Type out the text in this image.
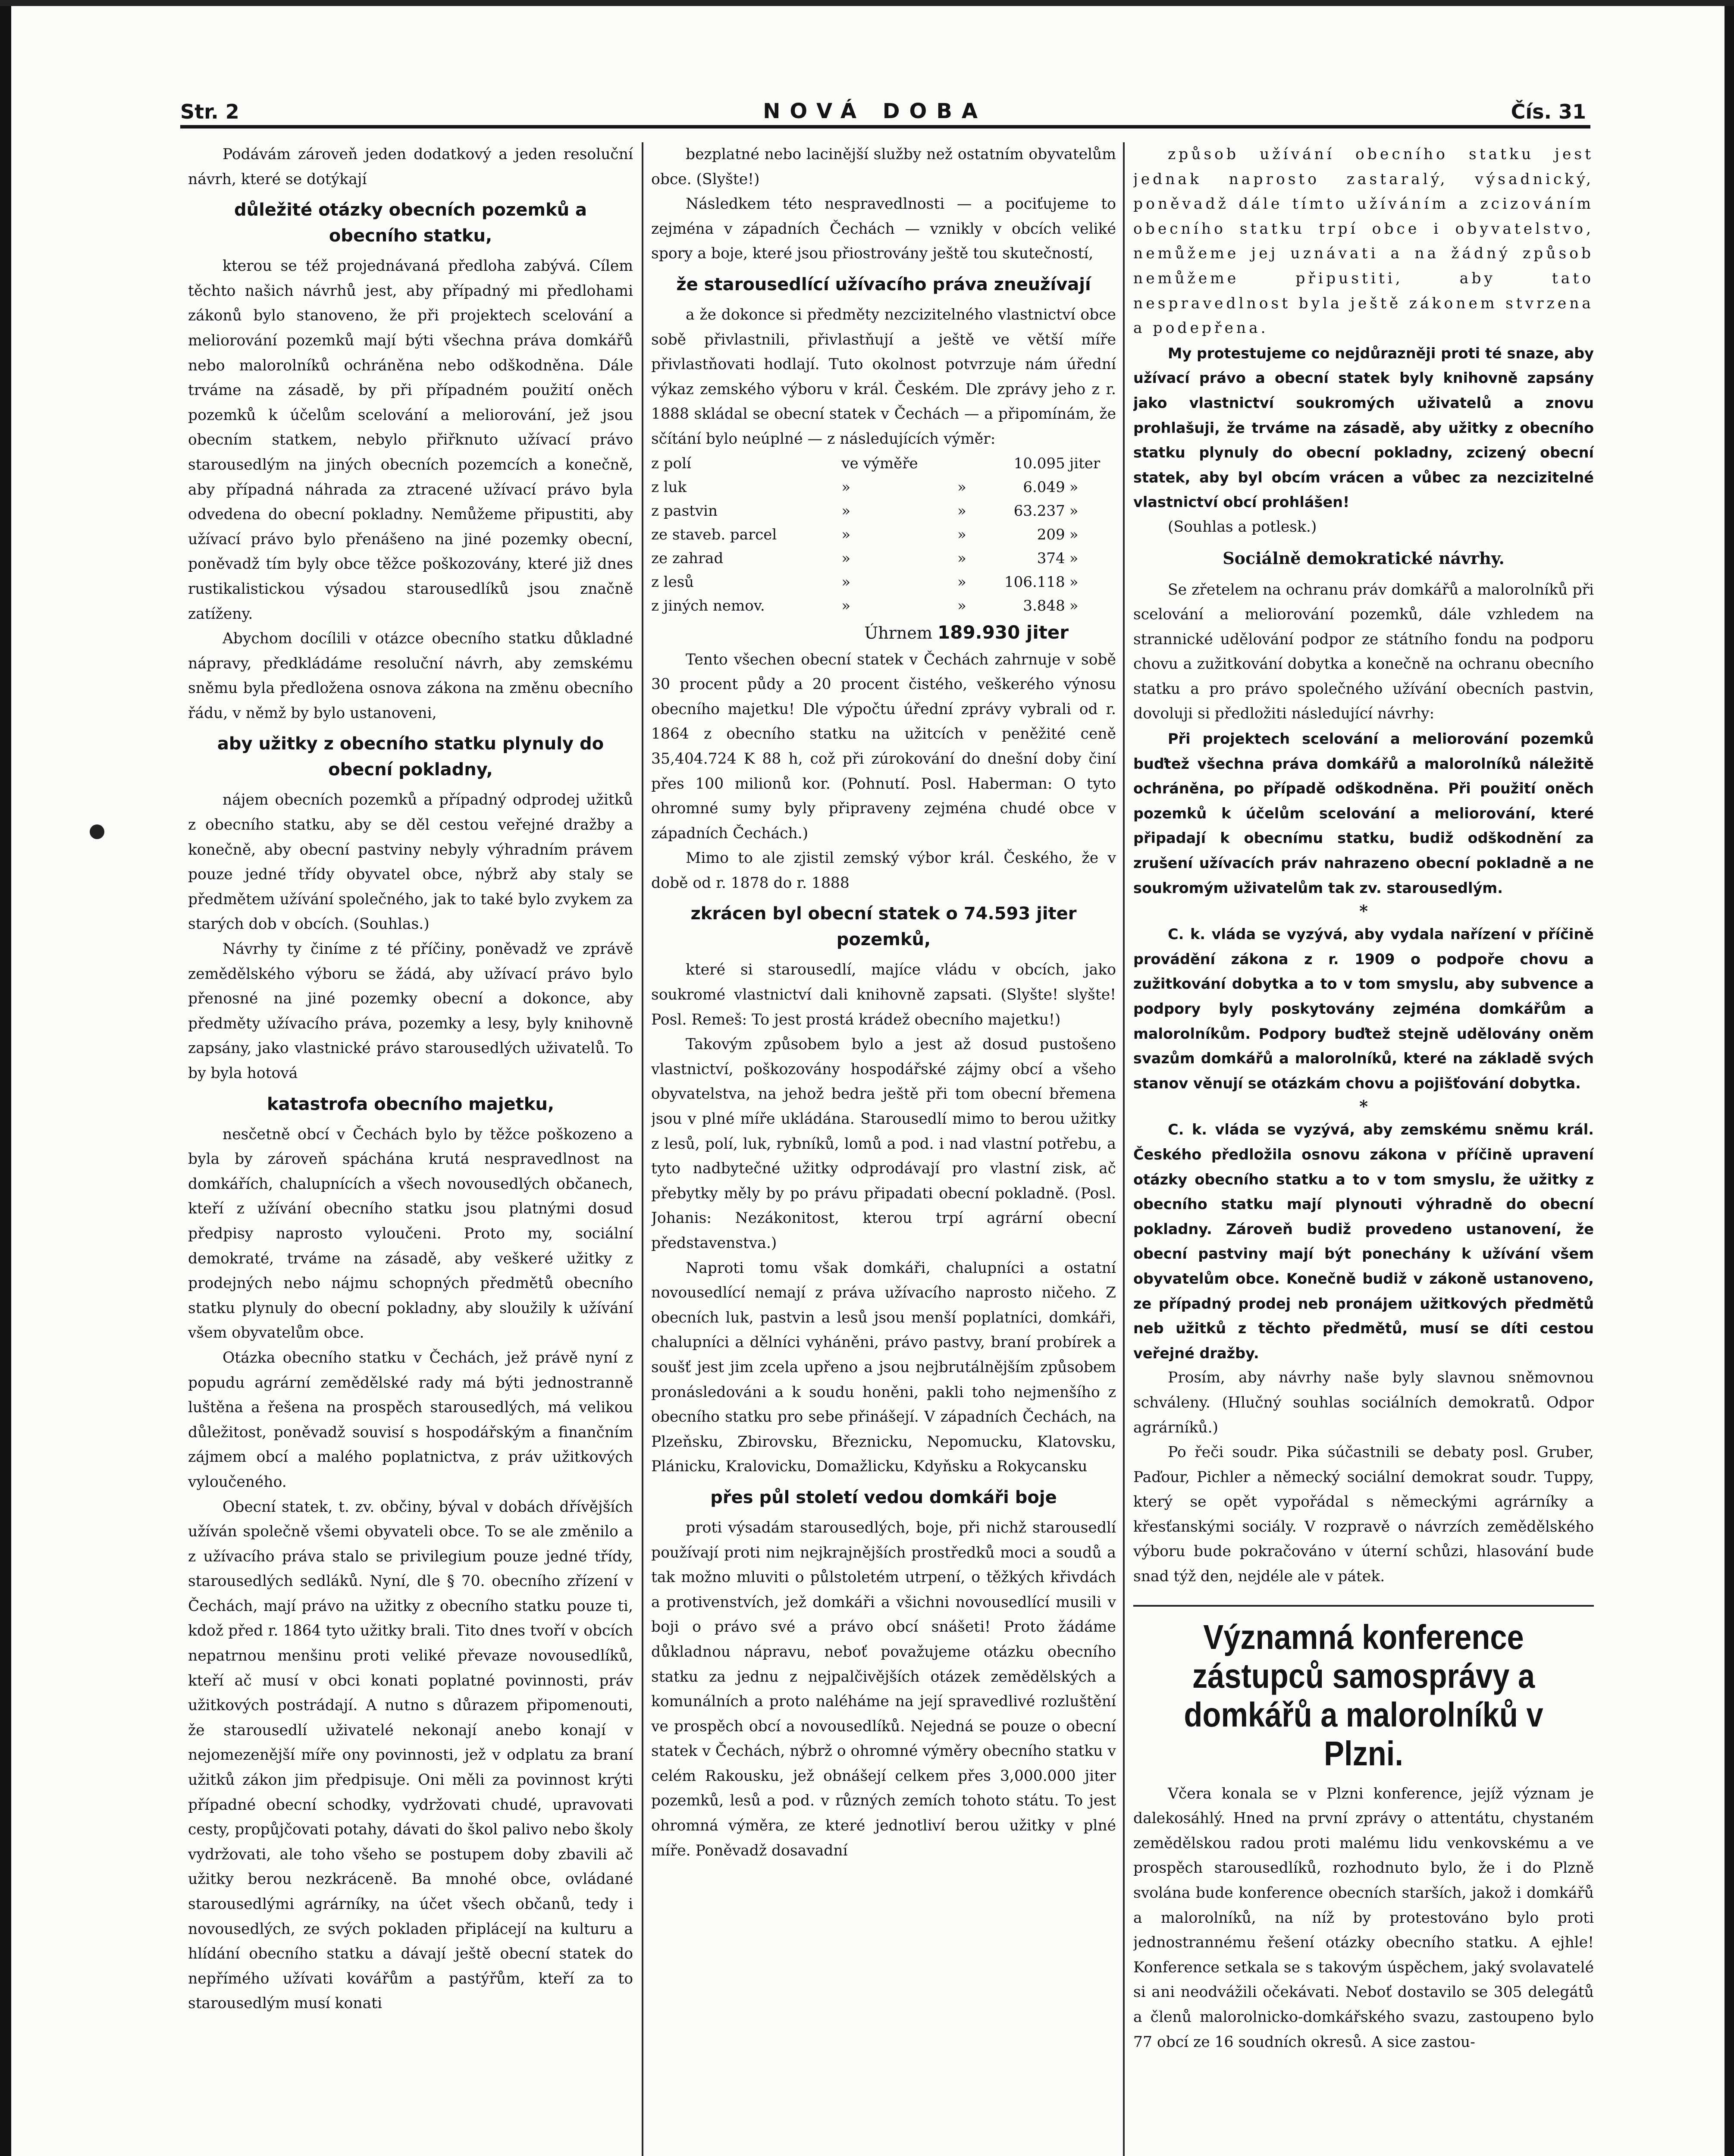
Str. 2	NOVÁ DOBA	Čís. 31

Podávám zároveň jeden dodatkový a jeden resoluční návrh, které se dotýkají

důležité otázky obecních pozemků a obecního statku,

kterou se též projednávaná předloha zabývá. Cílem těchto našich návrhů jest, aby případný mi předlohami zákonů bylo stanoveno, že při projektech scelování a meliorování pozemků mají býti všechna práva domkářů nebo malorolníků ochráněna nebo odškodněna. Dále trváme na zásadě, by při případném použití oněch pozemků k účelům scelování a meliorování, jež jsou obecním statkem, nebylo přiřknuto užívací právo starousedlým na jiných obecních pozemcích a konečně, aby případná náhrada za ztracené užívací právo byla odvedena do obecní pokladny. Nemůžeme připustiti, aby užívací právo bylo přenášeno na jiné pozemky obecní, poněvadž tím byly obce těžce poškozovány, které již dnes rustikalistickou výsadou starousedlíků jsou značně zatíženy.

Abychom docílili v otázce obecního statku důkladné nápravy, předkládáme resoluční návrh, aby zemskému sněmu byla předložena osnova zákona na změnu obecního řádu, v němž by bylo ustanoveni,

aby užitky z obecního statku plynuly do obecní pokladny,

nájem obecních pozemků a případný odprodej užitků z obecního statku, aby se děl cestou veřejné dražby a konečně, aby obecní pastviny nebyly výhradním právem pouze jedné třídy obyvatel obce, nýbrž aby staly se předmětem užívání společného, jak to také bylo zvykem za starých dob v obcích. (Souhlas.)

Návrhy ty činíme z té příčiny, poněvadž ve zprávě zemědělského výboru se žádá, aby užívací právo bylo přenosné na jiné pozemky obecní a dokonce, aby předměty užívacího práva, pozemky a lesy, byly knihovně zapsány, jako vlastnické právo starousedlých uživatelů. To by byla hotová

katastrofa obecního majetku,

nesčetně obcí v Čechách bylo by těžce poškozeno a byla by zároveň spáchána krutá nespravedlnost na domkářích, chalupnících a všech novousedlých občanech, kteří z užívání obecního statku jsou platnými dosud předpisy naprosto vyloučeni. Proto my, sociální demokraté, trváme na zásadě, aby veškeré užitky z prodejných nebo nájmu schopných předmětů obecního statku plynuly do obecní pokladny, aby sloužily k užívání všem obyvatelům obce.

Otázka obecního statku v Čechách, jež právě nyní z popudu agrární zemědělské rady má býti jednostranně luštěna a řešena na prospěch starousedlých, má velikou důležitost, poněvadž souvisí s hospodářským a finančním zájmem obcí a malého poplatnictva, z práv užitkových vyloučeného.

Obecní statek, t. zv. občiny, býval v dobách dřívějších užíván společně všemi obyvateli obce. To se ale změnilo a z užívacího práva stalo se privilegium pouze jedné třídy, starousedlých sedláků. Nyní, dle § 70. obecního zřízení v Čechách, mají právo na užitky z obecního statku pouze ti, kdož před r. 1864 tyto užitky brali. Tito dnes tvoří v obcích nepatrnou menšinu proti veliké převaze novousedlíků, kteří ač musí v obci konati poplatné povinnosti, práv užitkových postrádají. A nutno s důrazem připomenouti, že starousedlí uživatelé nekonají anebo konají v nejomezenější míře ony povinnosti, jež v odplatu za braní užitků zákon jim předpisuje. Oni měli za povinnost krýti případné obecní schodky, vydržovati chudé, upravovati cesty, propůjčovati potahy, dávati do škol palivo nebo školy vydržovati, ale toho všeho se postupem doby zbavili ač užitky berou nezkráceně. Ba mnohé obce, ovládané starousedlými agrárníky, na účet všech občanů, tedy i novousedlých, ze svých pokladen připlácejí na kulturu a hlídání obecního statku a dávají ještě obecní statek do nepřímého užívati kovářům a pastýřům, kteří za to starousedlým musí konati

bezplatné nebo lacinější služby než ostatním obyvatelům obce. (Slyšte!)

Následkem této nespravedlnosti — a pociťujeme to zejména v západních Čechách — vznikly v obcích veliké spory a boje, které jsou přiostrovány ještě tou skutečností,

že starousedlící užívacího práva zneužívají

a že dokonce si předměty nezcizitelného vlastnictví obce sobě přivlastnili, přivlastňují a ještě ve větší míře přivlastňovati hodlají. Tuto okolnost potvrzuje nám úřední výkaz zemského výboru v král. Českém. Dle zprávy jeho z r. 1888 skládal se obecní statek v Čechách — a připomínám, že sčítání bylo neúplné — z následujících výměr:

z polí	ve výměře		10.095	jiter
z luk	»	»	6.049	»
z pastvin	»	»	63.237	»
ze staveb. parcel	»	»	209	»
ze zahrad	»	»	374	»
z lesů	»	»	106.118	»
z jiných nemov.	»	»	3.848	»
Úhrnem 189.930 jiter

Tento všechen obecní statek v Čechách zahrnuje v sobě 30 procent půdy a 20 procent čistého, veškerého výnosu obecního majetku! Dle výpočtu úřední zprávy vybrali od r. 1864 z obecního statku na užitcích v peněžité ceně 35,404.724 K 88 h, což při zúrokování do dnešní doby činí přes 100 milionů kor. (Pohnutí. Posl. Haberman: O tyto ohromné sumy byly připraveny zejména chudé obce v západních Čechách.)

Mimo to ale zjistil zemský výbor král. Českého, že v době od r. 1878 do r. 1888

zkrácen byl obecní statek o 74.593 jiter pozemků,

které si starousedlí, majíce vládu v obcích, jako soukromé vlastnictví dali knihovně zapsati. (Slyšte! slyšte! Posl. Remeš: To jest prostá krádež obecního majetku!)

Takovým způsobem bylo a jest až dosud pustošeno vlastnictví, poškozovány hospodářské zájmy obcí a všeho obyvatelstva, na jehož bedra ještě při tom obecní břemena jsou v plné míře ukládána. Starousedlí mimo to berou užitky z lesů, polí, luk, rybníků, lomů a pod. i nad vlastní potřebu, a tyto nadbytečné užitky odprodávají pro vlastní zisk, ač přebytky měly by po právu připadati obecní pokladně. (Posl. Johanis: Nezákonitost, kterou trpí agrární obecní představenstva.)

Naproti tomu však domkáři, chalupníci a ostatní novousedlící nemají z práva užívacího naprosto ničeho. Z obecních luk, pastvin a lesů jsou menší poplatníci, domkáři, chalupníci a dělníci vyháněni, právo pastvy, braní probírek a soušť jest jim zcela upřeno a jsou nejbrutálnějším způsobem pronásledováni a k soudu honěni, pakli toho nejmenšího z obecního statku pro sebe přinášejí. V západních Čechách, na Plzeňsku, Zbirovsku, Březnicku, Nepomucku, Klatovsku, Plánicku, Kralovicku, Domažlicku, Kdyňsku a Rokycansku

přes půl století vedou domkáři boje

proti výsadám starousedlých, boje, při nichž starousedlí používají proti nim nejkrajnějších prostředků moci a soudů a tak možno mluviti o půlstoletém utrpení, o těžkých křivdách a protivenstvích, jež domkáři a všichni novousedlící musili v boji o právo své a právo obcí snášeti! Proto žádáme důkladnou nápravu, neboť považujeme otázku obecního statku za jednu z nejpalčivějších otázek zemědělských a komunálních a proto naléháme na její spravedlivé rozluštění ve prospěch obcí a novousedlíků. Nejedná se pouze o obecní statek v Čechách, nýbrž o ohromné výměry obecního statku v celém Rakousku, jež obnášejí celkem přes 3,000.000 jiter pozemků, lesů a pod. v různých zemích tohoto státu. To jest ohromná výměra, ze které jednotliví berou užitky v plné míře. Poněvadž dosavadní

způsob užívání obecního statku jest jednak naprosto zastaralý, výsadnický, poněvadž dále tímto užíváním a zcizováním obecního statku trpí obce i obyvatelstvo, nemůžeme jej uznávati a na žádný způsob nemůžeme připustiti, aby tato nespravedlnost byla ještě zákonem stvrzena a podepřena.

My protestujeme co nejdůrazněji proti té snaze, aby užívací právo a obecní statek byly knihovně zapsány jako vlastnictví soukromých uživatelů a znovu prohlašuji, že trváme na zásadě, aby užitky z obecního statku plynuly do obecní pokladny, zcizený obecní statek, aby byl obcím vrácen a vůbec za nezcizitelné vlastnictví obcí prohlášen!

(Souhlas a potlesk.)

Sociálně demokratické návrhy.

Se zřetelem na ochranu práv domkářů a malorolníků při scelování a meliorování pozemků, dále vzhledem na strannické udělování podpor ze státního fondu na podporu chovu a zužitkování dobytka a konečně na ochranu obecního statku a pro právo společného užívání obecních pastvin, dovoluji si předložiti následující návrhy:

Při projektech scelování a meliorování pozemků buďtež všechna práva domkářů a malorolníků náležitě ochráněna, po případě odškodněna. Při použití oněch pozemků k účelům scelování a meliorování, které připadají k obecnímu statku, budiž odškodnění za zrušení užívacích práv nahrazeno obecní pokladně a ne soukromým uživatelům tak zv. starousedlým.

*

C. k. vláda se vyzývá, aby vydala nařízení v příčině provádění zákona z r. 1909 o podpoře chovu a zužitkování dobytka a to v tom smyslu, aby subvence a podpory byly poskytovány zejména domkářům a malorolníkům. Podpory buďtež stejně udělovány oněm svazům domkářů a malorolníků, které na základě svých stanov věnují se otázkám chovu a pojišťování dobytka.

*

C. k. vláda se vyzývá, aby zemskému sněmu král. Českého předložila osnovu zákona v příčině upravení otázky obecního statku a to v tom smyslu, že užitky z obecního statku mají plynouti výhradně do obecní pokladny. Zároveň budiž provedeno ustanovení, že obecní pastviny mají být ponechány k užívání všem obyvatelům obce. Konečně budiž v zákoně ustanoveno, ze případný prodej neb pronájem užitkových předmětů neb užitků z těchto předmětů, musí se díti cestou veřejné dražby.

Prosím, aby návrhy naše byly slavnou sněmovnou schváleny. (Hlučný souhlas sociálních demokratů. Odpor agrárníků.)

Po řeči soudr. Pika súčastnili se debaty posl. Gruber, Paďour, Pichler a německý sociální demokrat soudr. Tuppy, který se opět vypořádal s německými agrárníky a křesťanskými sociály. V rozpravě o návrzích zemědělského výboru bude pokračováno v úterní schůzi, hlasování bude snad týž den, nejdéle ale v pátek.

Významná konference zástupců samosprávy a domkářů a malorolníků v Plzni.

Včera konala se v Plzni konference, jejíž význam je dalekosáhlý. Hned na první zprávy o attentátu, chystaném zemědělskou radou proti malému lidu venkovskému a ve prospěch starousedlíků, rozhodnuto bylo, že i do Plzně svolána bude konference obecních starších, jakož i domkářů a malorolníků, na níž by protestováno bylo proti jednostrannému řešení otázky obecního statku. A ejhle! Konference setkala se s takovým úspěchem, jaký svolavatelé si ani neodvážili očekávati. Neboť dostavilo se 305 delegátů a členů malorolnicko-domkářského svazu, zastoupeno bylo 77 obcí ze 16 soudních okresů. A sice zastou-
